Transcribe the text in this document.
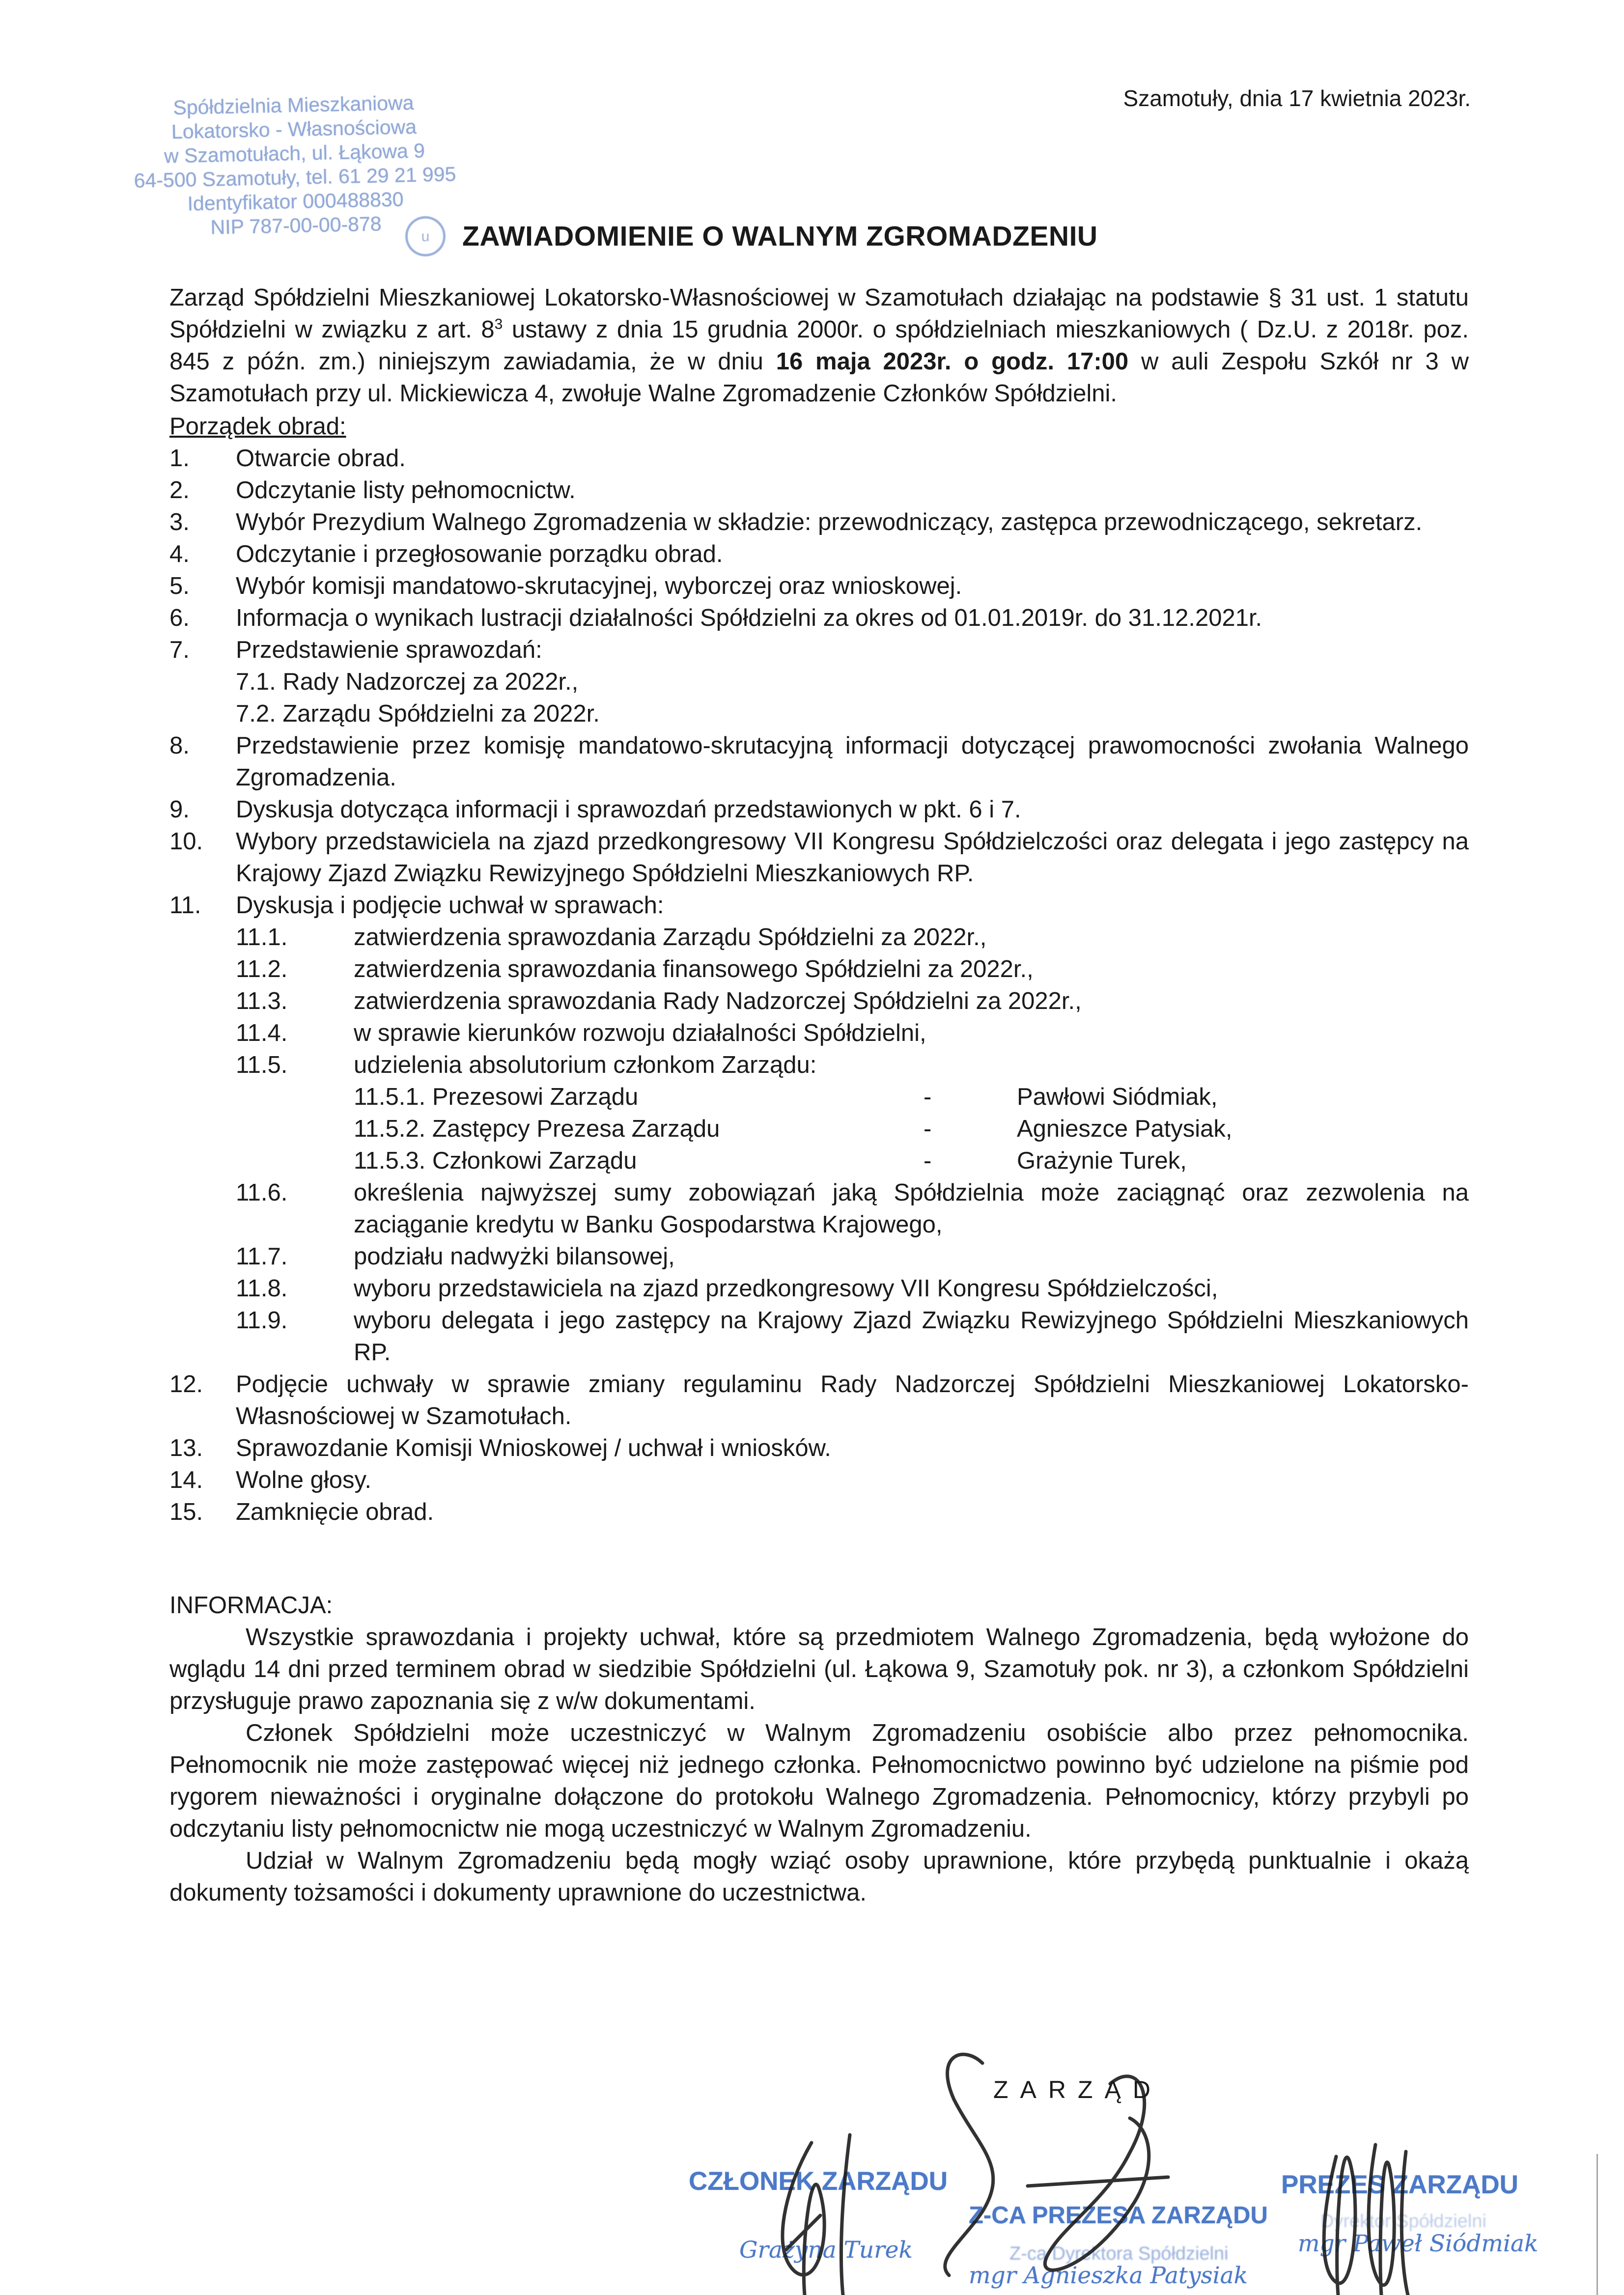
Spółdzielnia Mieszkaniowa
Lokatorsko - Własnościowa
w Szamotułach, ul. Łąkowa 9
64-500 Szamotuły, tel. 61 29 21 995
Identyfikator 000488830
NIP 787-00-00-878
Szamotuły, dnia 17 kwietnia 2023r.
u	ZAWIADOMIENIE O WALNYM ZGROMADZENIU

Zarząd Spółdzielni Mieszkaniowej Lokatorsko-Własnościowej w Szamotułach działając na podstawie § 31 ust. 1 statutu Spółdzielni w związku z art. $8^3$ ustawy z dnia 15 grudnia 2000r. o spółdzielniach mieszkaniowych ( Dz.U. z 2018r. poz. 845 z późn. zm.) niniejszym zawiadamia, że w dniu 16 maja 2023r. o godz. 17:00 w auli Zespołu Szkół nr 3 w Szamotułach przy ul. Mickiewicza 4, zwołuje Walne Zgromadzenie Członków Spółdzielni.

Porządek obrad:
1.	Otwarcie obrad.
2.	Odczytanie listy pełnomocnictw.
3.	Wybór Prezydium Walnego Zgromadzenia w składzie: przewodniczący, zastępca przewodniczącego, sekretarz.
4.	Odczytanie i przegłosowanie porządku obrad.
5.	Wybór komisji mandatowo-skrutacyjnej, wyborczej oraz wnioskowej.
6.	Informacja o wynikach lustracji działalności Spółdzielni za okres od 01.01.2019r. do 31.12.2021r.
7.	Przedstawienie sprawozdań:
7.1. Rady Nadzorczej za 2022r.,
7.2. Zarządu Spółdzielni za 2022r.
8.	Przedstawienie przez komisję mandatowo-skrutacyjną informacji dotyczącej prawomocności zwołania Walnego Zgromadzenia.
9.	Dyskusja dotycząca informacji i sprawozdań przedstawionych w pkt. 6 i 7.
10.	Wybory przedstawiciela na zjazd przedkongresowy VII Kongresu Spółdzielczości oraz delegata i jego zastępcy na Krajowy Zjazd Związku Rewizyjnego Spółdzielni Mieszkaniowych RP.
11.	Dyskusja i podjęcie uchwał w sprawach:
11.1.	zatwierdzenia sprawozdania Zarządu Spółdzielni za 2022r.,
11.2.	zatwierdzenia sprawozdania finansowego Spółdzielni za 2022r.,
11.3.	zatwierdzenia sprawozdania Rady Nadzorczej Spółdzielni za 2022r.,
11.4.	w sprawie kierunków rozwoju działalności Spółdzielni,
11.5.	udzielenia absolutorium członkom Zarządu:
11.5.1. Prezesowi Zarządu	-	Pawłowi Siódmiak,
11.5.2. Zastępcy Prezesa Zarządu	-	Agnieszce Patysiak,
11.5.3. Członkowi Zarządu	-	Grażynie Turek,
11.6.	określenia najwyższej sumy zobowiązań jaką Spółdzielnia może zaciągnąć oraz zezwolenia na zaciąganie kredytu w Banku Gospodarstwa Krajowego,
11.7.	podziału nadwyżki bilansowej,
11.8.	wyboru przedstawiciela na zjazd przedkongresowy VII Kongresu Spółdzielczości,
11.9.	wyboru delegata i jego zastępcy na Krajowy Zjazd Związku Rewizyjnego Spółdzielni Mieszkaniowych RP.
12.	Podjęcie uchwały w sprawie zmiany regulaminu Rady Nadzorczej Spółdzielni Mieszkaniowej Lokatorsko-Własnościowej w Szamotułach.
13.	Sprawozdanie Komisji Wnioskowej / uchwał i wniosków.
14.	Wolne głosy.
15.	Zamknięcie obrad.
INFORMACJA:

Wszystkie sprawozdania i projekty uchwał, które są przedmiotem Walnego Zgromadzenia, będą wyłożone do wglądu 14 dni przed terminem obrad w siedzibie Spółdzielni (ul. Łąkowa 9, Szamotuły pok. nr 3), a członkom Spółdzielni przysługuje prawo zapoznania się z w/w dokumentami.

Członek Spółdzielni może uczestniczyć w Walnym Zgromadzeniu osobiście albo przez pełnomocnika. Pełnomocnik nie może zastępować więcej niż jednego członka. Pełnomocnictwo powinno być udzielone na piśmie pod rygorem nieważności i oryginalne dołączone do protokołu Walnego Zgromadzenia. Pełnomocnicy, którzy przybyli po odczytaniu listy pełnomocnictw nie mogą uczestniczyć w Walnym Zgromadzeniu.

Udział w Walnym Zgromadzeniu będą mogły wziąć osoby uprawnione, które przybędą punktualnie i okażą dokumenty tożsamości i dokumenty uprawnione do uczestnictwa.

ZARZĄD
CZŁONEK ZARZĄDU
Grażyna Turek
Z-CA PREZESA ZARZĄDU
Z-ca Dyrektora Spółdzielni
mgr Agnieszka Patysiak
PREZES ZARZĄDU
Dyrektor Spółdzielni
mgr Paweł Siódmiak
